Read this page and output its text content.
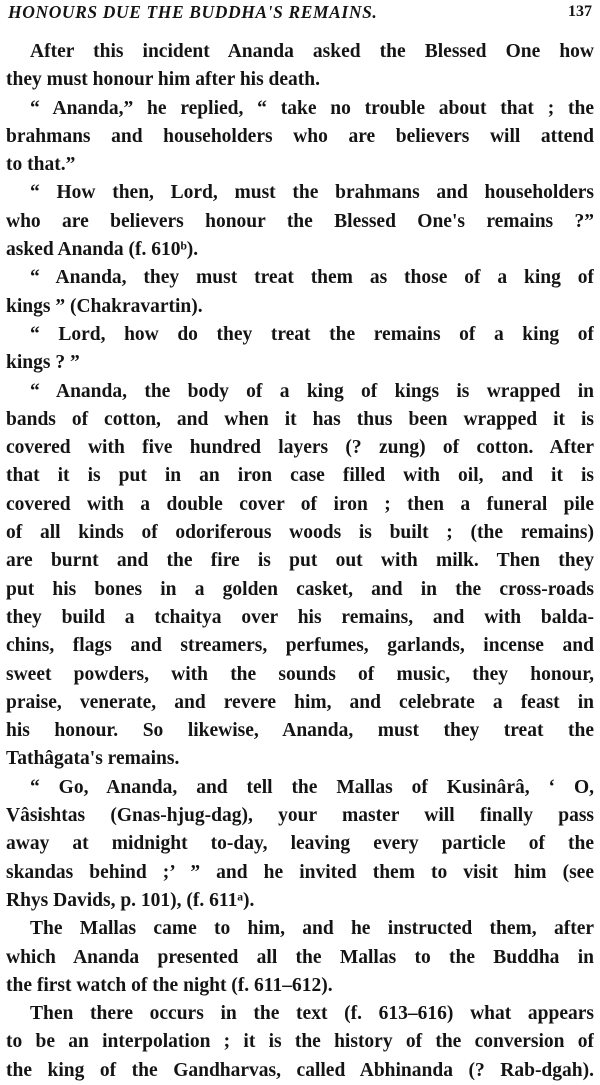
HONOURS DUE THE BUDDHA'S REMAINS.	137
After this incident Ananda asked the Blessed One how
they must honour him after his death.
“ Ananda,” he replied, “ take no trouble about that ; the
brahmans and householders who are believers will attend
to that.”
“ How then, Lord, must the brahmans and householders
who are believers honour the Blessed One's remains ?”
asked Ananda (f. 610ᵇ).
“ Ananda, they must treat them as those of a king of
kings ” (Chakravartin).
“ Lord, how do they treat the remains of a king of
kings ? ”
“ Ananda, the body of a king of kings is wrapped in
bands of cotton, and when it has thus been wrapped it is
covered with five hundred layers (? zung) of cotton. After
that it is put in an iron case filled with oil, and it is
covered with a double cover of iron ; then a funeral pile
of all kinds of odoriferous woods is built ; (the remains)
are burnt and the fire is put out with milk. Then they
put his bones in a golden casket, and in the cross-roads
they build a tchaitya over his remains, and with balda-
chins, flags and streamers, perfumes, garlands, incense and
sweet powders, with the sounds of music, they honour,
praise, venerate, and revere him, and celebrate a feast in
his honour. So likewise, Ananda, must they treat the
Tathâgata's remains.
“ Go, Ananda, and tell the Mallas of Kusinârâ, ‘ O,
Vâsishtas (Gnas-hjug-dag), your master will finally pass
away at midnight to-day, leaving every particle of the
skandas behind ;’ ” and he invited them to visit him (see
Rhys Davids, p. 101), (f. 611ᵃ).
The Mallas came to him, and he instructed them, after
which Ananda presented all the Mallas to the Buddha in
the first watch of the night (f. 611–612).
Then there occurs in the text (f. 613–616) what appears
to be an interpolation ; it is the history of the conversion of
the king of the Gandharvas, called Abhinanda (? Rab-dgah).
